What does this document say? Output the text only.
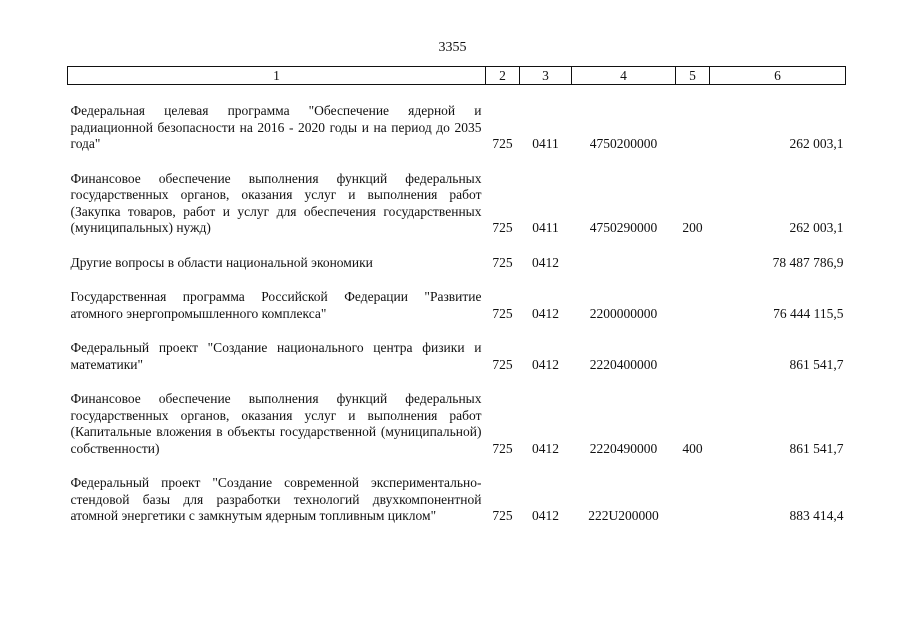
3355
1	2	3	4	5	6

Федеральная целевая программа "Обеспечение ядерной и радиационной безопасности на 2016 - 2020 годы и на период до 2035 года"	725	0411	4750200000		262 003,1

Финансовое обеспечение выполнения функций федеральных государственных органов, оказания услуг и выполнения работ (Закупка товаров, работ и услуг для обеспечения государственных (муниципальных) нужд)	725	0411	4750290000	200	262 003,1

Другие вопросы в области национальной экономики	725	0412			78 487 786,9

Государственная программа Российской Федерации "Развитие атомного энергопромышленного комплекса"	725	0412	2200000000		76 444 115,5

Федеральный проект "Создание национального центра физики и математики"	725	0412	2220400000		861 541,7

Финансовое обеспечение выполнения функций федеральных государственных органов, оказания услуг и выполнения работ (Капитальные вложения в объекты государственной (муниципальной) собственности)	725	0412	2220490000	400	861 541,7

Федеральный проект "Создание современной экспериментально-стендовой базы для разработки технологий двухкомпонентной атомной энергетики с замкнутым ядерным топливным циклом"	725	0412	222U200000		883 414,4
